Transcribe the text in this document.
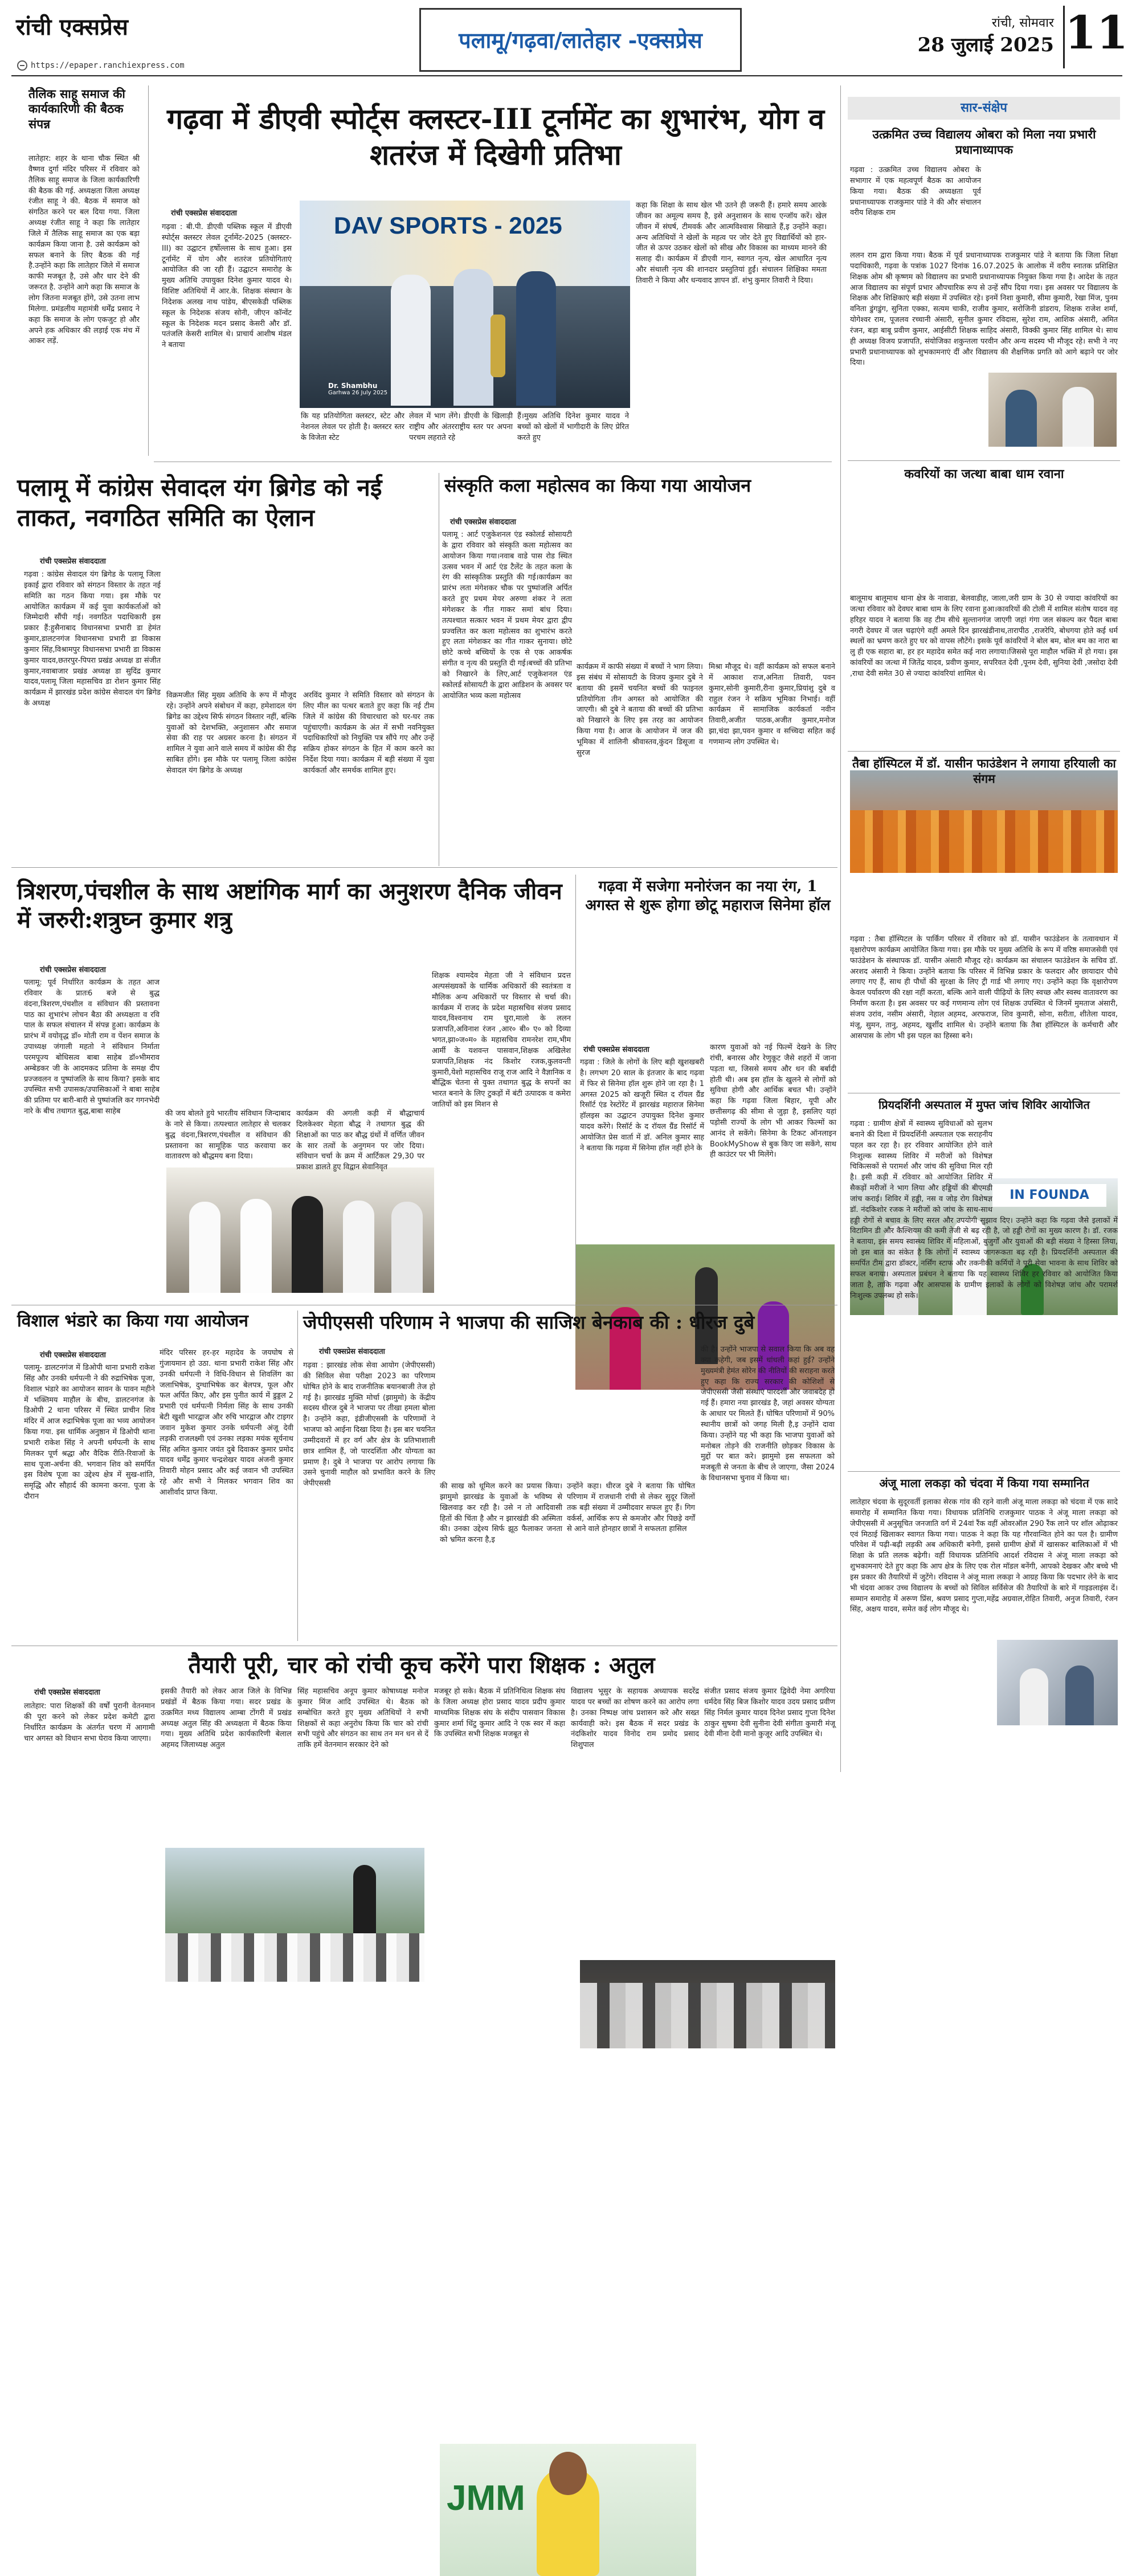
रांची एक्सप्रेस
https://epaper.ranchiexpress.com
पलामू/गढ़वा/लातेहार -एक्सप्रेस
रांची, सोमवार
28 जुलाई 2025 11
तैलिक साहू समाज की कार्यकारिणी की बैठक संपन्न
लातेहार: शहर के थाना चौक स्थित श्री वैष्णव दुर्गा मंदिर परिसर में रविवार को तैलिक साहू समाज के जिला कार्यकारिणी की बैठक की गई. अध्यक्षता जिला अध्यक्ष रंजीत साहू ने की. बैठक में समाज को संगठित करने पर बल दिया गया. जिला अध्यक्ष रंजीत साहू ने कहा कि लातेहार जिले में तैलिक साहू समाज का एक बड़ा कार्यक्रम किया जाना है. उसे कार्यक्रम को सफल बनाने के लिए बैठक की गई है.उन्होंने कहा कि लातेहार जिले में समाज काफी मजबूत है, उसे और धार देने की जरूरत है. उन्होंने आगे कहा कि समाज के लोग जितना मजबूत होंगे, उसे उतना लाभ मिलेगा. प्रमंडलीय महामंत्री धर्मेंद्र प्रसाद ने कहा कि समाज के लोग एकजुट हो और अपने हक अधिकार की लड़ाई एक मंच में आकर लड़ें.
गढ़वा में डीएवी स्पोर्ट्स क्लस्टर-III टूर्नामेंट का शुभारंभ, योग व शतरंज में दिखेगी प्रतिभा
रांची एक्सप्रेस संवाददाता
गढ़वा : बी.पी. डीएवी पब्लिक स्कूल में डीएवी स्पोर्ट्स क्लस्टर लेवल टूर्नामेंट-2025 (क्लस्टर-III) का उद्घाटन हर्षोल्लास के साथ हुआ। इस टूर्नामेंट में योग और शतरंज प्रतियोगिताएं आयोजित की जा रही हैं। उद्घाटन समारोह के मुख्य अतिथि उपायुक्त दिनेश कुमार यादव थे। विशिष्ट अतिथियों में आर.के. शिक्षक संस्थान के निदेशक अलख नाथ पांडेय, बीएसकेडी पब्लिक स्कूल के निदेशक संजय सोनी, जीएन कॉन्वेंट स्कूल के निदेशक मदन प्रसाद केसरी और डॉ. पतंजलि केसरी शामिल थे। प्राचार्य आशीष मंडल ने बताया
DAV SPORTS - 2025
Dr. Shambhu
Garhwa 26 July 2025
कि यह प्रतियोगिता क्लस्टर, स्टेट और नेशनल लेवल पर होती है। क्लस्टर स्तर के विजेता स्टेट
लेवल में भाग लेंगे। डीएवी के खिलाड़ी राष्ट्रीय और अंतरराष्ट्रीय स्तर पर अपना परचम लहराते रहे
हैं।मुख्य अतिथि दिनेश कुमार यादव ने बच्चों को खेलों में भागीदारी के लिए प्रेरित करते हुए
कहा कि शिक्षा के साथ खेल भी उतने ही जरूरी हैं। हमारे समय आरके जीवन का अमूल्य समय है, इसे अनुशासन के साथ एन्जॉय करें। खेल जीवन में संघर्ष, टीमवर्क और आत्मविश्वास सिखाते हैं,इ उन्होंने कहा। अन्य अतिथियों ने खेलों के महत्व पर जोर देते हुए विद्यार्थियों को हार-जीत से ऊपर उठकर खेलों को सीख और विकास का माध्यम मानने की सलाह दी। कार्यक्रम में डीएवी गान, स्वागत नृत्य, खेल आधारित नृत्य और संथाली नृत्य की शानदार प्रस्तुतियां हुईं। संचालन शिक्षिका ममता तिवारी ने किया और धन्यवाद ज्ञापन डॉ. शंभु कुमार तिवारी ने दिया।
सार-संक्षेप
उत्क्रमित उच्च विद्यालय ओबरा को मिला नया प्रभारी प्रधानाध्यापक
गढ़वा : उत्क्रमित उच्च विद्यालय ओबरा के सभागार में एक महत्वपूर्ण बैठक का आयोजन किया गया। बैठक की अध्यक्षता पूर्व प्रधानाध्यापक राजकुमार पांडे ने की और संचालन वरीय शिक्षक राम
ललन राम द्वारा किया गया। बैठक में पूर्व प्रधानाध्यापक राजकुमार पांडे ने बताया कि जिला शिक्षा पदाधिकारी, गढ़वा के पत्रांक 1027 दिनांक 16.07.2025 के आलोक में वरीय स्नातक प्रशिक्षित शिक्षक ओम श्री कृष्णम को विद्यालय का प्रभारी प्रधानाध्यापक नियुक्त किया गया है। आदेश के तहत आज विद्यालय का संपूर्ण प्रभार औपचारिक रूप से उन्हें सौंप दिया गया। इस अवसर पर विद्यालय के शिक्षक और शिक्षिकाएं बड़ी संख्या में उपस्थित रहे। इनमें निशा कुमारी, सीमा कुमारी, रेखा मिंज, पुनम वनिता डुंगडुंग, सुनिता एक्का, सत्यम चाकी, राजीव कुमार, सरोजिनी डांडराय, शिक्षक राजेश शर्मा, योगेश्वर राम, पूजलव रच्चानी अंसारी, सुनील कुमार रविदास, सुरेश राम, आशिक अंसारी, अमित रंजन, बड़ा बाबू प्रवीण कुमार, आईसीटी शिक्षक साहिद अंसारी, विक्की कुमार सिंह शामिल थे। साथ ही अध्यक्ष विजय प्रजापति, संयोजिका शकुन्तला परवीन और अन्य सदस्य भी मौजूद रहे। सभी ने नए प्रभारी प्रधानाध्यापक को शुभकामनाएं दीं और विद्यालय की शैक्षणिक प्रगति को आगे बढ़ाने पर जोर दिया।
कवरियों का जत्था बाबा धाम रवाना
बालूमाथ बालूमाथ थाना क्षेत्र के नावाडा, बेलवाडीह, जाला,जरी ग्राम के 30 से ज्यादा कांवरियों का जत्था रविवार को देवघर बाबा धाम के लिए रवाना हुआ।कावरियों की टोली में शामिल संतोष यादव वह हरिहर यादव ने बताया कि वह टीम सीधे सुल्तानगंज जाएगी जहां गंगा जल संकल्प कर पैदल बाबा नगरी देवघर में जल चढ़ाएंगे वहीं अमले दिन झारखंडीनाथ,तारापीठ ,राजरेपि, बोधगया होते कई धर्म स्थलों का भ्रमण करते हुए घर को वापस लौटेंगे। इसके पूर्व कांवरियों ने बोल बम, बोल बम का नारा बा लु ही एक सहारा बा, हर हर महादेव समेत कई नारा लगाया।जिससे पूरा माहौल भक्ति में हो गया। इस कांवरियों का जत्था में जितेंद्र यादव, प्रवीण कुमार, सपरिवत देवी ,पूनम देवी, सुनिया देवी ,जसोदा देवी ,राधा देवी समेत 30 से ज्यादा कांवरियां शामिल थे।
तैबा हॉस्पिटल में डॉ. यासीन फाउंडेशन ने लगाया हरियाली का संगम
IN FOUNDA
गढ़वा : तैबा हॉस्पिटल के पार्किंग परिसर में रविवार को डॉ. यासीन फाउंडेशन के तत्वावधान में वृक्षारोपण कार्यक्रम आयोजित किया गया। इस मौके पर मुख्य अतिथि के रूप में वरिष्ठ समाजसेवी एवं फाउंडेशन के संस्थापक डॉ. यासीन अंसारी मौजूद रहे। कार्यक्रम का संचालन फाउंडेशन के सचिव डॉ. अरशद अंसारी ने किया। उन्होंने बताया कि परिसर में विभिन्न प्रकार के फलदार और छायादार पौधे लगाए गए हैं, साथ ही पौधों की सुरक्षा के लिए ट्री गार्ड भी लगाए गए। उन्होंने कहा कि वृक्षारोपण केवल पर्यावरण की रक्षा नहीं करता, बल्कि आने वाली पीढ़ियों के लिए स्वच्छ और स्वस्थ वातावरण का निर्माण करता है। इस अवसर पर कई गणमान्य लोग एवं शिक्षक उपस्थित थे जिनमें मुमताज अंसारी, संजय उरांव, नसीम अंसारी, नेहाल अहमद, अरफराज, शिव कुमारी, सोना, सरीता, शीतेला यादव, मंजू, सुमन, तानु, अहमद, खुर्शीद शामिल थे। उन्होंने बताया कि तैबा हॉस्पिटल के कर्मचारी और आसपास के लोग भी इस पहल का हिस्सा बने।
प्रियदर्शिनी अस्पताल में मुफ्त जांच शिविर आयोजित
गढ़वा : ग्रामीण क्षेत्रों में स्वास्थ्य सुविधाओं को सुलभ बनाने की दिशा में प्रियदर्शिनी अस्पताल एक सराहनीय पहल कर रहा है। हर रविवार आयोजित होने वाले निःशुल्क स्वास्थ्य शिविर में मरीजों को विशेषज्ञ चिकित्सकों से परामर्श और जांच की सुविधा मिल रही है। इसी कड़ी में रविवार को आयोजित शिविर में सैकड़ों मरीजों ने भाग लिया और हड्डियों की बीएमडी जांच कराई। शिविर में हड्डी, नस व जोड़ रोग विशेषज्ञ डॉ. नंदकिशोर रजक ने मरीजों को जांच के साथ-साथ हड्डी रोगों से बचाव के लिए सरल और उपयोगी सुझाव दिए। उन्होंने कहा कि गढ़वा जैसे इलाकों में विटामिन डी और कैल्शियम की कमी तेजी से बढ़ रही है, जो हड्डी रोगों का मुख्य कारण है। डॉ. रजक ने बताया, इस समय स्वास्थ्य शिविर में महिलाओं, बुजुर्गों और युवाओं की बड़ी संख्या ने हिस्सा लिया, जो इस बात का संकेत है कि लोगों में स्वास्थ्य जागरूकता बढ़ रही है। प्रियदर्शिनी अस्पताल की समर्पित टीम द्वारा डॉक्टर, नर्सिंग स्टाफ और तकनीकी कर्मियों ने पूरी सेवा भावना के साथ शिविर को सफल बनाया। अस्पताल प्रबंधन ने बताया कि यह स्वास्थ्य शिविर हर रविवार को आयोजित किया जाता है, ताकि गढ़वा और आसपास के ग्रामीण इलाकों के लोगों को विशेषज्ञ जांच और परामर्श निःशुल्क उपलब्ध हो सके।
अंजू माला लकड़ा को चंदवा में किया गया सम्मानित
लातेहार चंदवा के सुदूरवर्ती इलाका सेरक गांव की रहने वाली अंजू माला लकड़ा को चंदवा में एक सादे समारोह में सम्मानित किया गया। विधायक प्रतिनिधि राजकुमार पाठक ने अंजू माला लकड़ा को जेपीएससी में अनुसूचित जनजाति वर्ग में 24वां रैंक वहीं ओवरऑल 290 रैंक लाने पर शॉल ओढ़ाकर एवं मिठाई खिलाकर स्वागत किया गया। पाठक ने कहा कि यह गौरवान्वित होने का पल है। ग्रामीण परिवेश में पढ़ी-बढ़ी लड़की अब अधिकारी बनेगी, इससे ग्रामीण क्षेत्रों में खासकर बालिकाओं में भी शिक्षा के प्रति ललक बढ़ेगी। वहीं विधायक प्रतिनिधि आदर्श रविदास ने अंजू माला लकड़ा को शुभकामनाएं देते हुए कहा कि आप क्षेत्र के लिए एक रोल मॉडल बनेंगी, आपको देखकर और बच्चे भी इस प्रकार की तैयारियों में जुटेंगे। रविदास ने अंजू माला लकड़ा ने आग्रह किया कि पदभार लेने के बाद भी चंदवा आकर उच्च विद्यालय के बच्चों को सिविल सर्विसेज की तैयारियों के बारे में गाइडलाइंस दें। सम्मान समारोह में अरूण प्रिंस, श्रवण प्रसाद गुप्ता,महेंद्र अग्रवाल,रोहित तिवारी, अनुज तिवारी, रंजन सिंह, अक्षय यादव, समेत कई लोग मौजूद थे।
पलामू में कांग्रेस सेवादल यंग ब्रिगेड को नई ताकत, नवगठित समिति का ऐलान
रांची एक्सप्रेस संवाददाता
गढ़वा : कांग्रेस सेवादल यंग ब्रिगेड के पलामू जिला इकाई द्वारा रविवार को संगठन विस्तार के तहत नई समिति का गठन किया गया। इस मौके पर आयोजित कार्यक्रम में कई युवा कार्यकर्ताओं को जिम्मेदारी सौंपी गई। नवगठित पदाधिकारी इस प्रकार हैं:हुसैनाबाद विधानसभा प्रभारी डा हेमंत कुमार,डालटनगंज विधानसभा प्रभारी डा विकास कुमार सिंह,विश्रामपुर विधानसभा प्रभारी डा विकास कुमार यादव,छतरपुर-पिपरा प्रखंड अध्यक्ष डा संजीत कुमार,नवाबाजार प्रखंड अध्यक्ष डा सुदिंद्र कुमार यादव,पलामू जिला महासचिव डा रोशन कुमार सिंह कार्यक्रम में झारखंड प्रदेश कांग्रेस सेवादल यंग ब्रिगेड के अध्यक्ष
विक्रमजीत सिंह मुख्य अतिथि के रूप में मौजूद रहे। उन्होंने अपने संबोधन में कहा, हमेशादल यंग ब्रिगेड का उद्देश्य सिर्फ संगठन विस्तार नहीं, बल्कि युवाओं को देशभक्ति, अनुशासन और समाज सेवा की राह पर अग्रसर करना है। संगठन में शामिल ने युवा आने वाले समय में कांग्रेस की रीढ़ साबित होंगे। इस मौके पर पलामू जिला कांग्रेस सेवादल यंग ब्रिगेड के अध्यक्ष
अरविंद कुमार ने समिति विस्तार को संगठन के लिए मील का पत्थर बताते हुए कहा कि नई टीम जिले में कांग्रेस की विचारधारा को घर-घर तक पहुंचाएगी। कार्यक्रम के अंत में सभी नवनियुक्त पदाधिकारियों को नियुक्ति पत्र सौंपे गए और उन्हें सक्रिय होकर संगठन के हित में काम करने का निर्देश दिया गया। कार्यक्रम में बड़ी संख्या में युवा कार्यकर्ता और समर्थक शामिल हुए।
संस्कृति कला महोत्सव का किया गया आयोजन
रांची एक्सप्रेस संवाददाता
पलामू : आर्ट एजुकेशनल एंड स्कोलर्ड सोसायटी के द्वारा रविवार को संस्कृति कला महोत्सव का आयोजन किया गया।नवाब वाडे पास रोड स्थित उत्सव भवन में आर्ट एंड टैलेंट के तहत कला के रंग की सांस्कृतिक प्रस्तुति की गई।कार्यक्रम का प्रारंभ लता मंगेशकर चौक पर पुष्पांजलि अर्पित करते हुए प्रथम मेयर अरुणा शंकर ने लता मंगेशकर के गीत गाकर समां बांध दिया। तत्पश्चात सत्कार भवन में प्रथम मेयर द्वारा द्वीप प्रज्वलित कर कला महोत्सव का शुभारंभ करते हुए लता मंगेशकर का गीत गाकर सुनाया। छोटे छोटे कच्चे बच्चियों के एक से एक आकर्षक संगीत व नृत्य की प्रस्तुति दी गई।बच्चों की प्रतिभा को निखारने के लिए,आर्ट एजुकेशनल एंड स्कोलर्ड सोसायटी के द्वारा आडिशन के अवसर पर आयोजित भव्य कला महोत्सव
कार्यक्रम में काफी संख्या में बच्चों ने भाग लिया।इस संबंध में सोसायटी के विजय कुमार दुबे ने बताया की इसमें चयनित बच्चों की फाइनल प्रतियोगिता तीन अगस्त को आयोजित की जाएगी। श्री दुबे ने बताया की बच्चों की प्रतिभा को निखारने के लिए इस तरह का आयोजन किया गया है। आज के आयोजन में जज की भूमिका में शालिनी श्रीवास्तव,कुंदन डिसूजा व सुरज
मिश्रा मौजूद थे। वहीं कार्यक्रम को सफल बनाने में आकाश राज,अनिता तिवारी, पवन कुमार,सोनी कुमारी,रीना कुमार,प्रियांशु दुबे व राहुल रंजन ने सक्रिय भूमिका निभाई। वहीं कार्यक्रम में सामाजिक कार्यकर्ता नवीन तिवारी,अजीत पाठक,अजीत कुमार,मनोज झा,चंदा झा,पवन कुमार व सच्चिदा सहित कई गणमान्य लोग उपस्थित थे।
त्रिशरण,पंचशील के साथ अष्टांगिक मार्ग का अनुशरण दैनिक जीवन में जरुरी:शत्रुघ्न कुमार शत्रु
रांची एक्सप्रेस संवाददाता
पलामू: पूर्व निर्धारित कार्यक्रम के तहत आज रविवार के प्रातः6 बजे से बुद्ध वंदना,त्रिशरण,पंचशील व संविधान की प्रस्तावना पाठ का शुभारंभ लोचन बैठा की अध्यक्षता व रवि पाल के सफल संचालन में संपन्न हुआ। कार्यक्रम के प्रारंभ में वयोवृद्ध डॉ० मोती राम व पेंशन समाज के उपाध्यक्ष जंगाली महतो ने संविधान निर्माता परमपूज्य बोधिसत्व बाबा साहेब डॉ०भीमराव अम्बेडकर जी के आदमकद प्रतिमा के समक्ष दीप प्रज्जवलन व पुष्पांजलि के साथ किया? इसके बाद उपस्थित सभी उपासक/उपासिकाओं ने बाबा साहेब की प्रतिमा पर बारी-बारी से पुष्पांजलि कर गगनभेदी नारे के बीच तथागत बुद्ध,बाबा साहेब	की जय बोलते हुये भारतीय संविधान जिन्दाबाद के नारे से किया। तत्पश्चात लातेहार से चलकर बुद्ध वंदना,त्रिशरण,पंचशील व संविधान की प्रस्तावना का सामूहिक पाठ करवाया कर वातावरण को बौद्धमय बना दिया।
कार्यक्रम की अगली कड़ी में बौद्धाचार्य दिलकेश्वर मेहता बौद्ध ने तथागत बुद्ध की शिक्षाओं का पाठ कर बौद्ध ग्रंथों में वर्णित जीवन के सार तत्वों के अनुगमन पर जोर दिया। संविधान चर्चा के क्रम में आर्टिकल 29,30 पर प्रकाश डालते हुए विद्वान सेवानिवृत
शिक्षक श्यामदेव मेहता जी ने संविधान प्रदत्त अल्पसंख्यकों के धार्मिक अधिकारों की स्वतंत्रता व मौलिक अन्य अधिकारों पर विस्तार से चर्चा की। कार्यक्रम में राजद के प्रदेश महासचिव संजय प्रसाद यादव,विश्वनाथ राम घुरा,मालो के ललन प्रजापति,अविनाश रंजन ,आर० बी० ए० को दिव्या भगत,झा०ज०म० के महासचिव रामनरेश राम,भीम आर्मी के यशवन्त पासवान,शिक्षक अखिलेश प्रजापति,शिक्षक नंद किशोर रजक,कुलवन्ती कुमारी,येशो महासचिव राजू राज आदि ने वैज्ञानिक व बौद्धिक चेतना से युक्त तथागत बुद्ध के सपनों का भारत बनाने के लिए टुकड़ों में बंटी उत्पादक व कमेरा जातियों को इस मिशन से
गढ़वा में सजेगा मनोरंजन का नया रंग, 1 अगस्त से शुरू होगा छोटू महाराज सिनेमा हॉल
रांची एक्सप्रेस संवाददाता
गढ़वा : जिले के लोगों के लिए बड़ी खुशखबरी है। लगभग 20 साल के इंतजार के बाद गढ़वा में फिर से सिनेमा हॉल शुरू होने जा रहा है। 1 अगस्त 2025 को खजूरी स्थित द रॉयल ग्रैंड रिसॉर्ट एंड रेस्टोरेंट में झारखंड महाराज सिनेमा हॉलइस का उद्घाटन उपायुक्त दिनेश कुमार यादव करेंगे। रिसॉर्ट के द रॉयल ग्रैंड रिसॉर्ट में आयोजित प्रेस वार्ता में डॉ. अनिल कुमार साह ने बताया कि गढ़वा में सिनेमा हॉल नहीं होने के
कारण युवाओं को नई फिल्में देखने के लिए रांची, बनारस और रेणुकूट जैसे शहरों में जाना पड़ता था, जिससे समय और धन की बर्बादी होती थी। अब इस हॉल के खुलने से लोगों को सुविधा होगी और आर्थिक बचत भी। उन्होंने कहा कि गढ़वा जिला बिहार, यूपी और छत्तीसगढ़ की सीमा से जुड़ा है, इसलिए यहां पड़ोसी राज्यों के लोग भी आकर फिल्मों का आनंद ले सकेंगे। सिनेमा के टिकट ऑनलाइन BookMyShow से बुक किए जा सकेंगे, साथ ही काउंटर पर भी मिलेंगे।
विशाल भंडारे का किया गया आयोजन
रांची एक्सप्रेस संवाददाता
पलामू- डालटनगंज में डिओपी थाना प्रभारी राकेश सिंह और उनकी धर्मपत्नी ने की रुद्राभिषेक पूजा, विशाल भंडारे का आयोजन सावन के पावन महीने में भक्तिमय माहौल के बीच, डालटनगंज के डिओपी 2 थाना परिसर में स्थित प्राचीन शिव मंदिर में आज रुद्राभिषेक पूजा का भव्य आयोजन किया गया. इस धार्मिक अनुष्ठान में डिओपी थाना प्रभारी राकेश सिंह ने अपनी धर्मपत्नी के साथ मिलकर पूर्ण श्रद्धा और वैदिक रीति-रिवाजों के साथ पूजा-अर्चना की. भगवान शिव को समर्पित इस विशेष पूजा का उद्देश्य क्षेत्र में सुख-शांति, समृद्धि और सौहार्द की कामना करना. पूजा के दौरान
मंदिर परिसर हर-हर महादेव के जयघोष से गुंजायमान हो उठा. थाना प्रभारी राकेश सिंह और उनकी धर्मपत्नी ने विधि-विधान से शिवलिंग का जलाभिषेक, दुग्धाभिषेक कर बेलपत्र, फूल और फल अर्पित किए, और इस पुनीत कार्य में डुड्डल 2 प्रभारी एवं धर्मपत्नी निर्मला सिंह के साथ उनकी बेटी खुशी भारद्वाज और रुचि भारद्वाज और टाइगर जवान मुकेश कुमार उनके धर्मपत्नी अंजू देवी लड़की राजलक्ष्मी एवं उनका लड़का मयंक सूर्यनाथ सिंह अमित कुमार जयंत दुबे दिवाकर कुमार प्रमोद यादव धर्मेंद्र कुमार चन्द्रशेखर यादव अंजनी कुमार तिवारी मोहन प्रसाद और कई जवान भी उपस्थित रहे और सभी ने मिलकर भगवान शिव का आशीर्वाद प्राप्त किया.
जेपीएससी परिणाम ने भाजपा की साजिश बेनकाब की : धीरज दुबे
रांची एक्सप्रेस संवाददाता
गढ़वा : झारखंड लोक सेवा आयोग (जेपीएससी) की सिविल सेवा परीक्षा 2023 का परिणाम घोषित होने के बाद राजनीतिक बयानबाजी तेज हो गई है। झारखंड मुक्ति मोर्चा (झामुमो) के केंद्रीय सदस्य धीरज दुबे ने भाजपा पर तीखा हमला बोला है। उन्होंने कहा, इंडीजीएससी के परिणामों ने भाजपा को आईना दिखा दिया है। इस बार चयनित उम्मीदवारों में हर वर्ग और क्षेत्र के प्रतिभाशाली छात्र शामिल हैं, जो पारदर्शिता और योग्यता का प्रमाण है। दुबे ने भाजपा पर आरोप लगाया कि उसने चुनावी माहौल को प्रभावित करने के लिए जेपीएससी
JMM
की साख को धूमिल करने का प्रयास किया। झामुमो झारखंड के युवाओं के भविष्य से खिलवाड़ कर रही है। उसे न तो आदिवासी हितों की चिंता है और न झारखंडी की अस्मिता की। उनका उद्देश्य सिर्फ झूठ फैलाकर जनता को भ्रमित करना है,इ
उन्होंने कहा। धीरज दुबे ने बताया कि घोषित परिणाम में राजधानी रांची से लेकर सुदूर जिलों तक बड़ी संख्या में उम्मीदवार सफल हुए हैं। गिग वर्कर्स, आर्थिक रूप से कमजोर और पिछड़े वर्गों से आने वाले होनहार छात्रों ने सफलता हासिल
की है। उन्होंने भाजपा से सवाल किया कि अब वह क्या कहेगी, जब इसमें धांधली कहां हुई? उन्होंने मुख्यमंत्री हेमंत सोरेन की नीतियों की सराहना करते हुए कहा कि राज्य सरकार की कोशिशों से जेपीएससी जैसी संस्थाएं पारदर्शी और जवाबदेह हो गई हैं। हमारा नया झारखंड है, जहां अवसर योग्यता के आधार पर मिलते हैं। घोषित परिणामों में 90% स्थानीय छात्रों को जगह मिली है,इ उन्होंने दावा किया। उन्होंने यह भी कहा कि भाजपा युवाओं को मनोबल तोड़ने की राजनीति छोड़कर विकास के मुद्दों पर बात करे। झामुमो इस सफलता को मजबूती से जनता के बीच ले जाएगा, जैसा 2024 के विधानसभा चुनाव में किया था।
तैयारी पूरी, चार को रांची कूच करेंगे पारा शिक्षक : अतुल
रांची एक्सप्रेस संवाददाता
लातेहार: पारा शिक्षकों की वर्षों पुरानी वेतनमान की पूरा करने को लेकर प्रदेश कमेटी द्वारा निर्धारित कार्यक्रम के अंतर्गत चरण में आगामी चार अगस्त को विधान सभा घेराव किया जाएगा।
इसकी तैयारी को लेकर आज जिले के विभिन्न प्रखंडों में बैठक किया गया। सदर प्रखंड के उत्क्रमित मध्य विद्यालय आम्बा टोंगरी में प्रखंड अध्यक्ष अतुल सिंह की अध्यक्षता में बैठक किया गया। मुख्य अतिथि प्रदेश कार्यकारिणी बेलाल अहमद जिलाध्यक्ष अतुल
सिंह महासचिव अनूप कुमार कोषाध्यक्ष मनोज कुमार मिंज आदि उपस्थित थे। बैठक को सम्बोधित करते हुए मुख्य अतिथियों ने सभी शिक्षकों से कहा अनुरोध किया कि चार को रांची सभी पहुंचे और संगठन का साथ तन मन धन से दें ताकि हमें वेतनमान सरकार देने को
मजबूर हो सके। बैठक में प्रतिनिधित्व शिक्षक संघ के जिला अध्यक्ष होरा प्रसाद यादव प्रदीप कुमार माध्यमिक शिक्षक संघ के संदीप पासवान विकास कुमार शर्मा धिंटु कुमार आदि ने एक स्वर में कहा कि उपस्थित सभी शिक्षक मजबूत से
विद्यालय भूसुर के सहायक अध्यापक सदरेंद्र यादव पर बच्चों का शोषण करने का आरोप लगा है। उनका निष्पक्ष जांच प्रशासन करे और सख्त कार्यवाही करे। इस बैठक में सदर प्रखंड के नंदकिशोर यादव विनोद राम प्रमोद प्रसाद शिशुपाल
संजीत प्रसाद संजय कुमार द्विवेदी नेमा अगरिया धर्मदेव सिंह बिज किशोर यादव उदय प्रसाद प्रवीण सिंह निर्मल कुमार यादव दिनेश प्रसाद गुप्ता दिनेश ठाकुर सुषमा देवी सुनीना देवी संगीता कुमारी मंजू देवी मीना देवी मानो कुजूर आदि उपस्थित थे।
